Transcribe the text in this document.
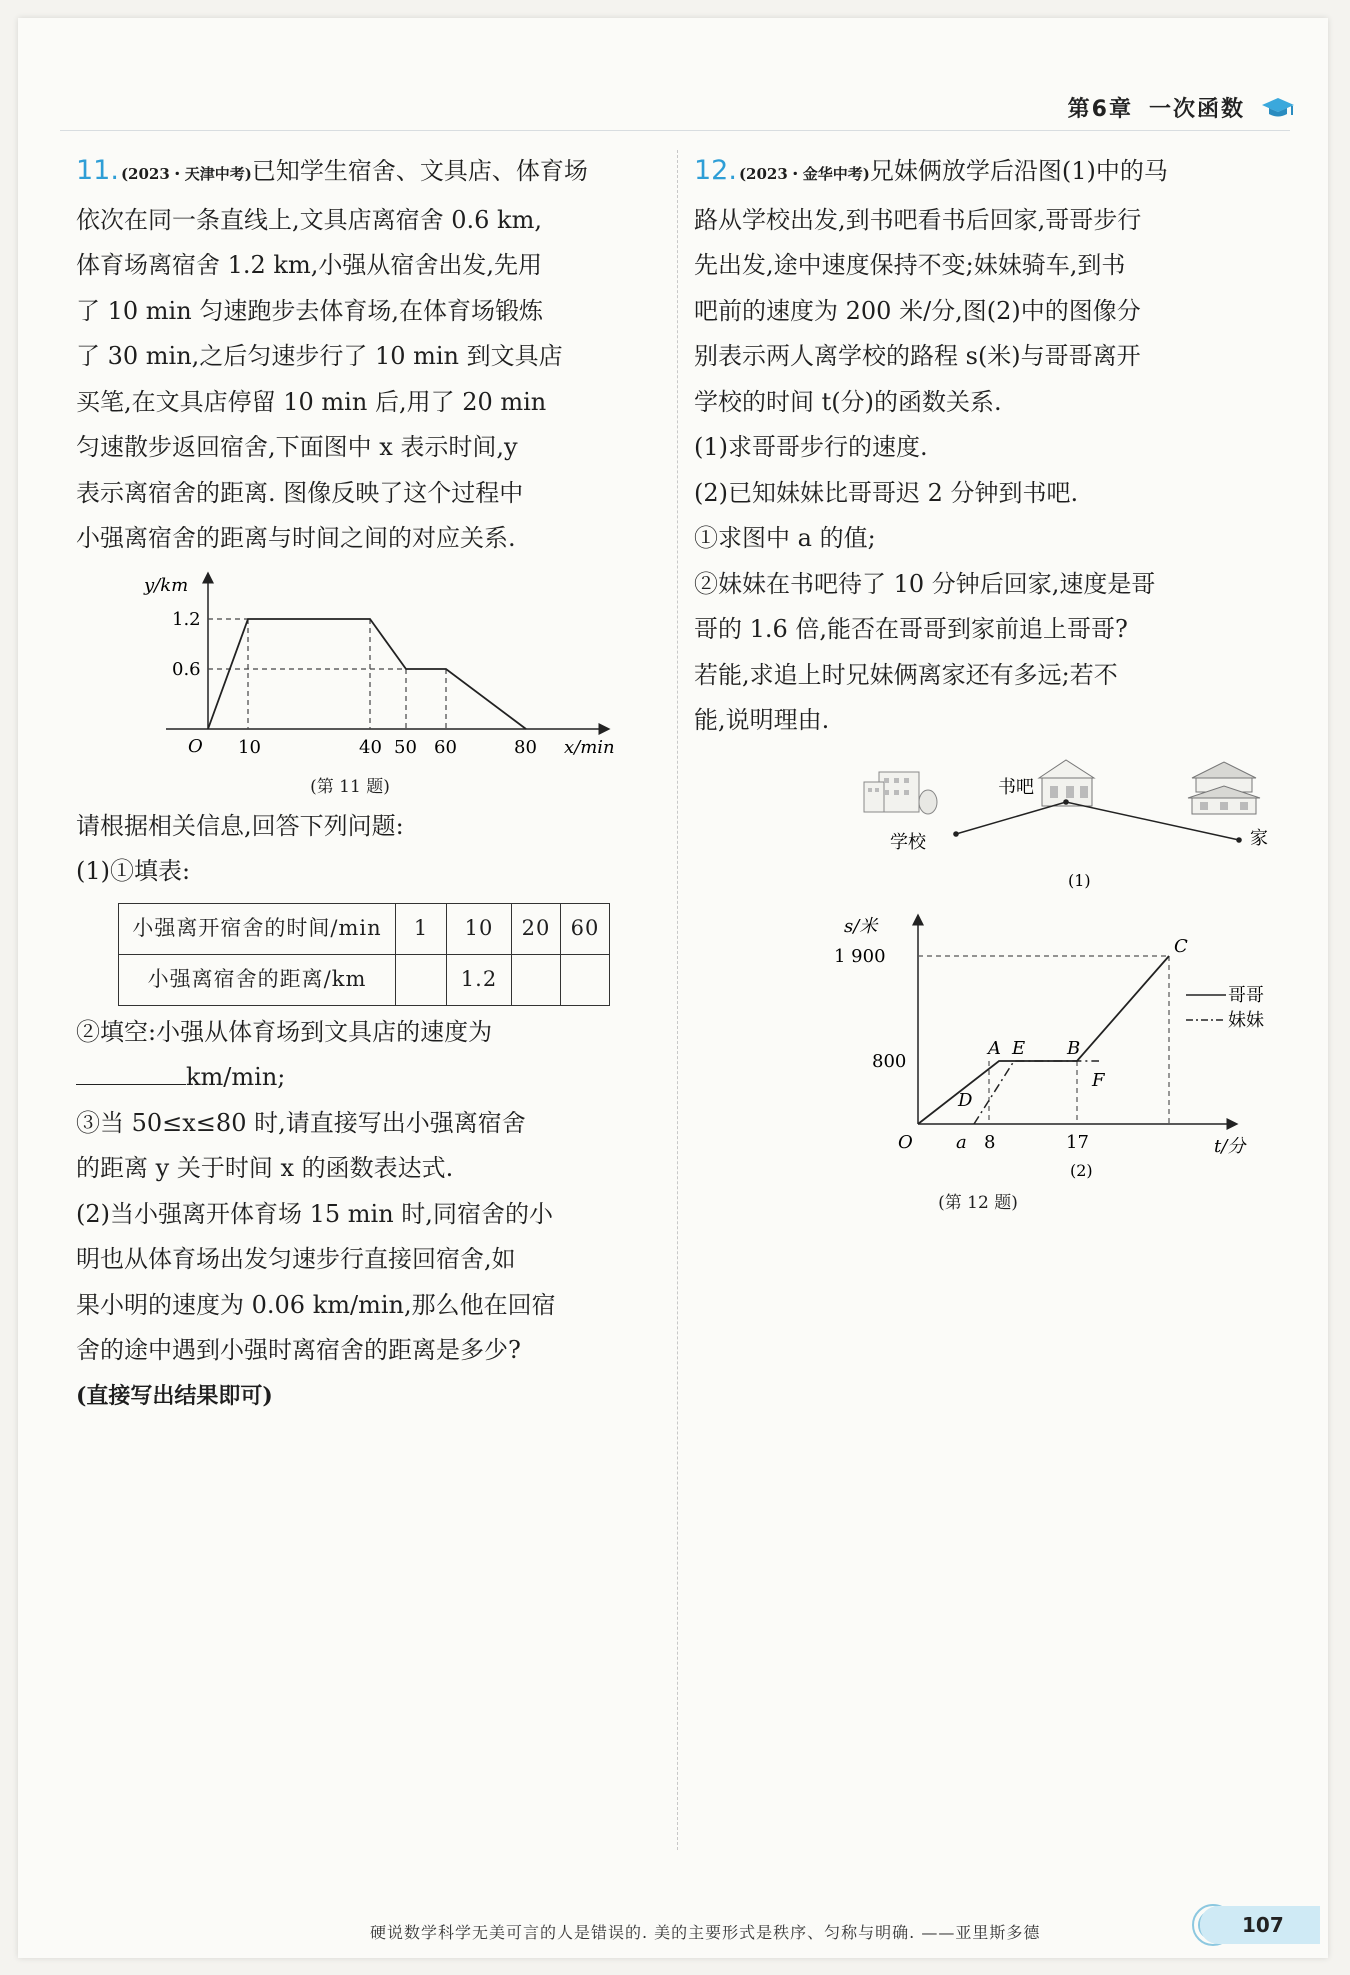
第6章 一次函数
11. (2023・天津中考)已知学生宿舍、文具店、体育场
依次在同一条直线上,文具店离宿舍 0.6 km,
体育场离宿舍 1.2 km,小强从宿舍出发,先用
了 10 min 匀速跑步去体育场,在体育场锻炼
了 30 min,之后匀速步行了 10 min 到文具店
买笔,在文具店停留 10 min 后,用了 20 min
匀速散步返回宿舍,下面图中 x 表示时间,y
表示离宿舍的距离. 图像反映了这个过程中
小强离宿舍的距离与时间之间的对应关系.
y/km
1.2
0.6
O 10	40 50 60	80 x/min
(第 11 题)
请根据相关信息,回答下列问题:
(1)①填表:
小强离开宿舍的时间/min	1	10	20	60
小强离宿舍的距离/km		1.2		
②填空:小强从体育场到文具店的速度为
km/min;
③当 50≤x≤80 时,请直接写出小强离宿舍
的距离 y 关于时间 x 的函数表达式.
(2)当小强离开体育场 15 min 时,同宿舍的小
明也从体育场出发匀速步行直接回宿舍,如
果小明的速度为 0.06 km/min,那么他在回宿
舍的途中遇到小强时离宿舍的距离是多少?
(直接写出结果即可)
12. (2023・金华中考)兄妹俩放学后沿图(1)中的马
路从学校出发,到书吧看书后回家,哥哥步行
先出发,途中速度保持不变;妹妹骑车,到书
吧前的速度为 200 米/分,图(2)中的图像分
别表示两人离学校的路程 s(米)与哥哥离开
学校的时间 t(分)的函数关系.
(1)求哥哥步行的速度.
(2)已知妹妹比哥哥迟 2 分钟到书吧.
①求图中 a 的值;
②妹妹在书吧待了 10 分钟后回家,速度是哥
哥的 1.6 倍,能否在哥哥到家前追上哥哥?
若能,求追上时兄妹俩离家还有多远;若不
能,说明理由.
书吧
学校	家
(1)
s/米
1 900
800
O a 8	17	t/分
A E B
C
D
F
哥哥
妹妹
(2)
(第 12 题)
硬说数学科学无美可言的人是错误的. 美的主要形式是秩序、匀称与明确. ——亚里斯多德	107
